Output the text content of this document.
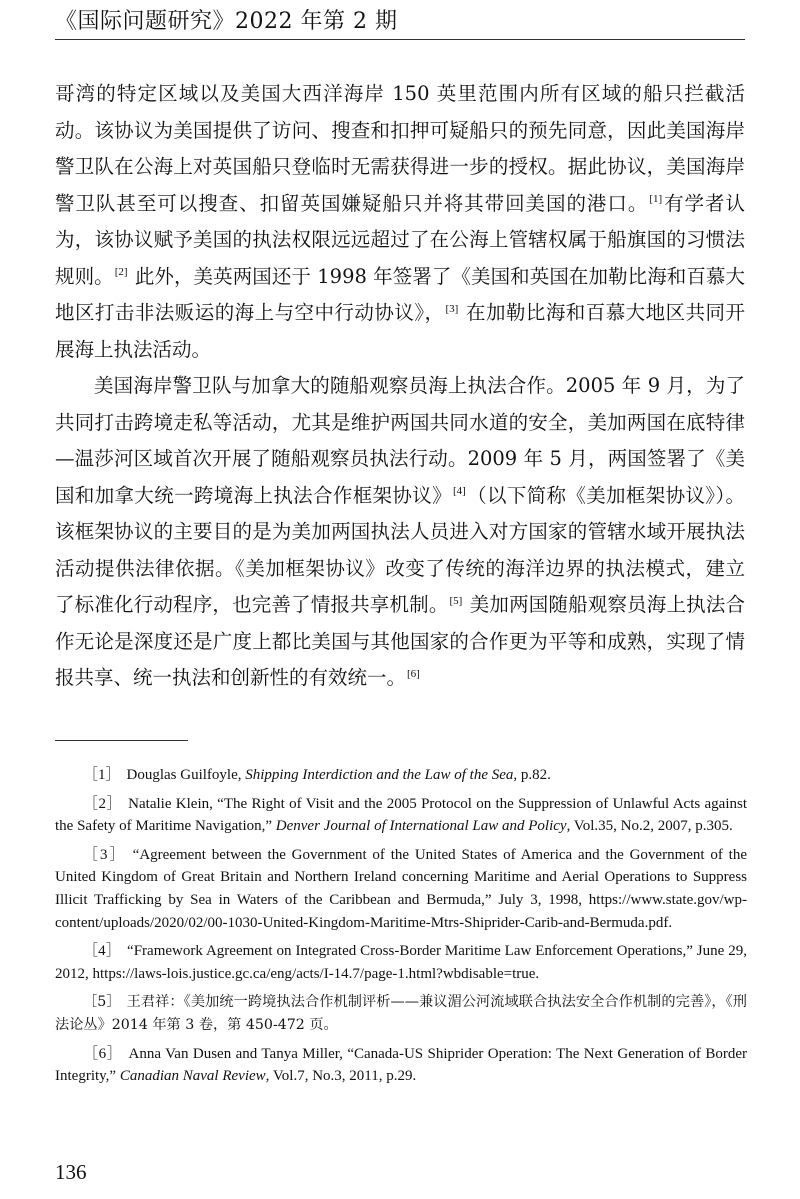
《国际问题研究》2022 年第 2 期

哥湾的特定区域以及美国大西洋海岸 150 英里范围内所有区域的船只拦截活动。该协议为美国提供了访问、搜查和扣押可疑船只的预先同意，因此美国海岸警卫队在公海上对英国船只登临时无需获得进一步的授权。据此协议，美国海岸警卫队甚至可以搜查、扣留英国嫌疑船只并将其带回美国的港口。[1]有学者认为，该协议赋予美国的执法权限远远超过了在公海上管辖权属于船旗国的习惯法规则。[2] 此外，美英两国还于 1998 年签署了《美国和英国在加勒比海和百慕大地区打击非法贩运的海上与空中行动协议》，[3] 在加勒比海和百慕大地区共同开展海上执法活动。

美国海岸警卫队与加拿大的随船观察员海上执法合作。2005 年 9 月，为了共同打击跨境走私等活动，尤其是维护两国共同水道的安全，美加两国在底特律—温莎河区域首次开展了随船观察员执法行动。2009 年 5 月，两国签署了《美国和加拿大统一跨境海上执法合作框架协议》[4]（以下简称《美加框架协议》）。该框架协议的主要目的是为美加两国执法人员进入对方国家的管辖水域开展执法活动提供法律依据。《美加框架协议》改变了传统的海洋边界的执法模式，建立了标准化行动程序，也完善了情报共享机制。[5] 美加两国随船观察员海上执法合作无论是深度还是广度上都比美国与其他国家的合作更为平等和成熟，实现了情报共享、统一执法和创新性的有效统一。[6]

［1］ Douglas Guilfoyle, Shipping Interdiction and the Law of the Sea, p.82.

［2］ Natalie Klein, “The Right of Visit and the 2005 Protocol on the Suppression of Unlawful Acts against the Safety of Maritime Navigation,” Denver Journal of International Law and Policy, Vol.35, No.2, 2007, p.305.

［3］ “Agreement between the Government of the United States of America and the Government of the United Kingdom of Great Britain and Northern Ireland concerning Maritime and Aerial Operations to Suppress Illicit Trafficking by Sea in Waters of the Caribbean and Bermuda,” July 3, 1998, https://www.state.gov/wp-content/uploads/2020/02/00-1030-United-Kingdom-Maritime-Mtrs-Shiprider-Carib-and-Bermuda.pdf.

［4］ “Framework Agreement on Integrated Cross-Border Maritime Law Enforcement Operations,” June 29, 2012, https://laws-lois.justice.gc.ca/eng/acts/I-14.7/page-1.html?wbdisable=true.

［5］ 王君祥：《美加统一跨境执法合作机制评析——兼议湄公河流域联合执法安全合作机制的完善》，《刑法论丛》2014 年第 3 卷，第 450-472 页。

［6］ Anna Van Dusen and Tanya Miller, “Canada-US Shiprider Operation: The Next Generation of Border Integrity,” Canadian Naval Review, Vol.7, No.3, 2011, p.29.

136
